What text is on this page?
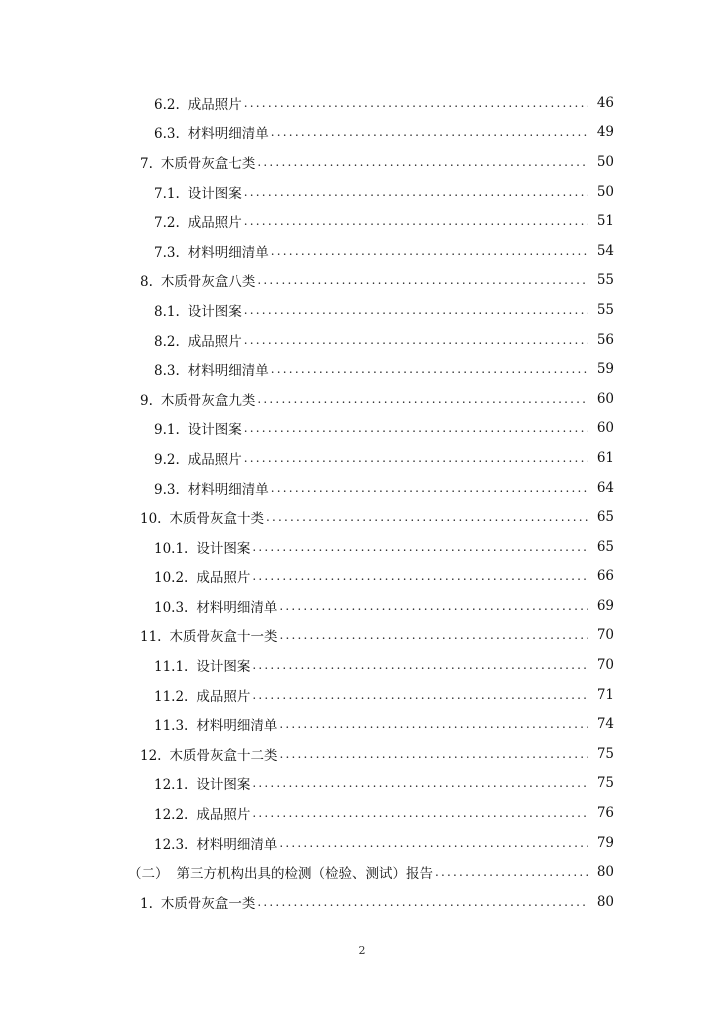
6.2. 成品照片 .....	46
6.3. 材料明细清单 .....	49
7. 木质骨灰盒七类 .....	50
7.1. 设计图案 .....	50
7.2. 成品照片 .....	51
7.3. 材料明细清单 .....	54
8. 木质骨灰盒八类 .....	55
8.1. 设计图案 .....	55
8.2. 成品照片 .....	56
8.3. 材料明细清单 .....	59
9. 木质骨灰盒九类 .....	60
9.1. 设计图案 .....	60
9.2. 成品照片 .....	61
9.3. 材料明细清单 .....	64
10. 木质骨灰盒十类 .....	65
10.1. 设计图案 .....	65
10.2. 成品照片 .....	66
10.3. 材料明细清单 .....	69
11. 木质骨灰盒十一类 .....	70
11.1. 设计图案 .....	70
11.2. 成品照片 .....	71
11.3. 材料明细清单 .....	74
12. 木质骨灰盒十二类 .....	75
12.1. 设计图案 .....	75
12.2. 成品照片 .....	76
12.3. 材料明细清单 .....	79
（二） 第三方机构出具的检测（检验、测试）报告 .....	80
1. 木质骨灰盒一类 .....	80
2
